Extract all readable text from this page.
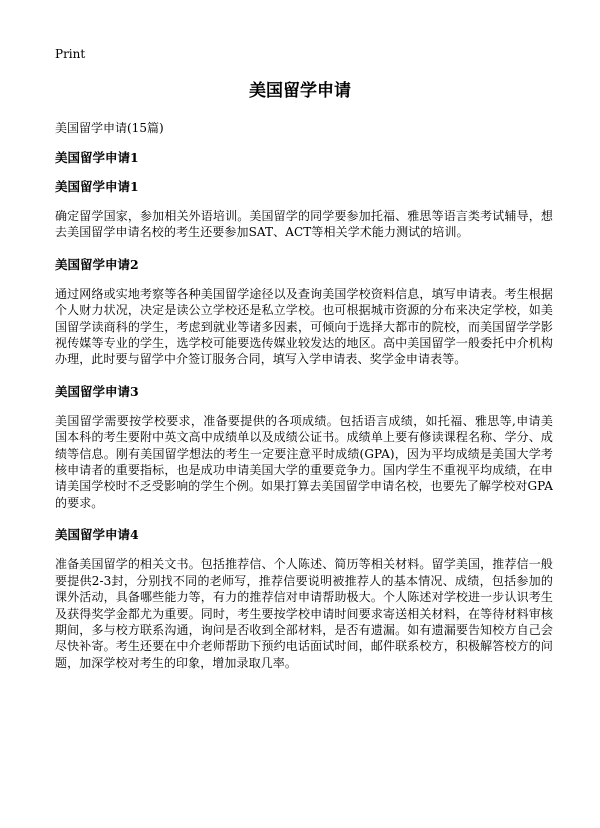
Print
美国留学申请
美国留学申请(15篇)
美国留学申请1
美国留学申请1
确定留学国家，参加相关外语培训。美国留学的同学要参加托福、雅思等语言类考试辅导，想去美国留学申请名校的考生还要参加SAT、ACT等相关学术能力测试的培训。
美国留学申请2
通过网络或实地考察等各种美国留学途径以及查询美国学校资料信息，填写申请表。考生根据个人财力状况，决定是读公立学校还是私立学校。也可根据城市资源的分布来决定学校，如美国留学读商科的学生，考虑到就业等诸多因素，可倾向于选择大都市的院校，而美国留学学影视传媒等专业的学生，选学校可能要选传媒业较发达的地区。高中美国留学一般委托中介机构办理，此时要与留学中介签订服务合同，填写入学申请表、奖学金申请表等。
美国留学申请3
美国留学需要按学校要求，准备要提供的各项成绩。包括语言成绩，如托福、雅思等,申请美国本科的考生要附中英文高中成绩单以及成绩公证书。成绩单上要有修读课程名称、学分、成绩等信息。刚有美国留学想法的考生一定要注意平时成绩(GPA)，因为平均成绩是美国大学考核申请者的重要指标，也是成功申请美国大学的重要竞争力。国内学生不重视平均成绩，在申请美国学校时不乏受影响的学生个例。如果打算去美国留学申请名校，也要先了解学校对GPA的要求。
美国留学申请4
准备美国留学的相关文书。包括推荐信、个人陈述、简历等相关材料。留学美国，推荐信一般要提供2-3封，分别找不同的老师写，推荐信要说明被推荐人的基本情况、成绩，包括参加的课外活动，具备哪些能力等，有力的推荐信对申请帮助极大。个人陈述对学校进一步认识考生及获得奖学金都尤为重要。同时，考生要按学校申请时间要求寄送相关材料，在等待材料审核期间，多与校方联系沟通，询问是否收到全部材料，是否有遗漏。如有遗漏要告知校方自己会尽快补寄。考生还要在中介老师帮助下预约电话面试时间，邮件联系校方，积极解答校方的问题，加深学校对考生的印象，增加录取几率。
